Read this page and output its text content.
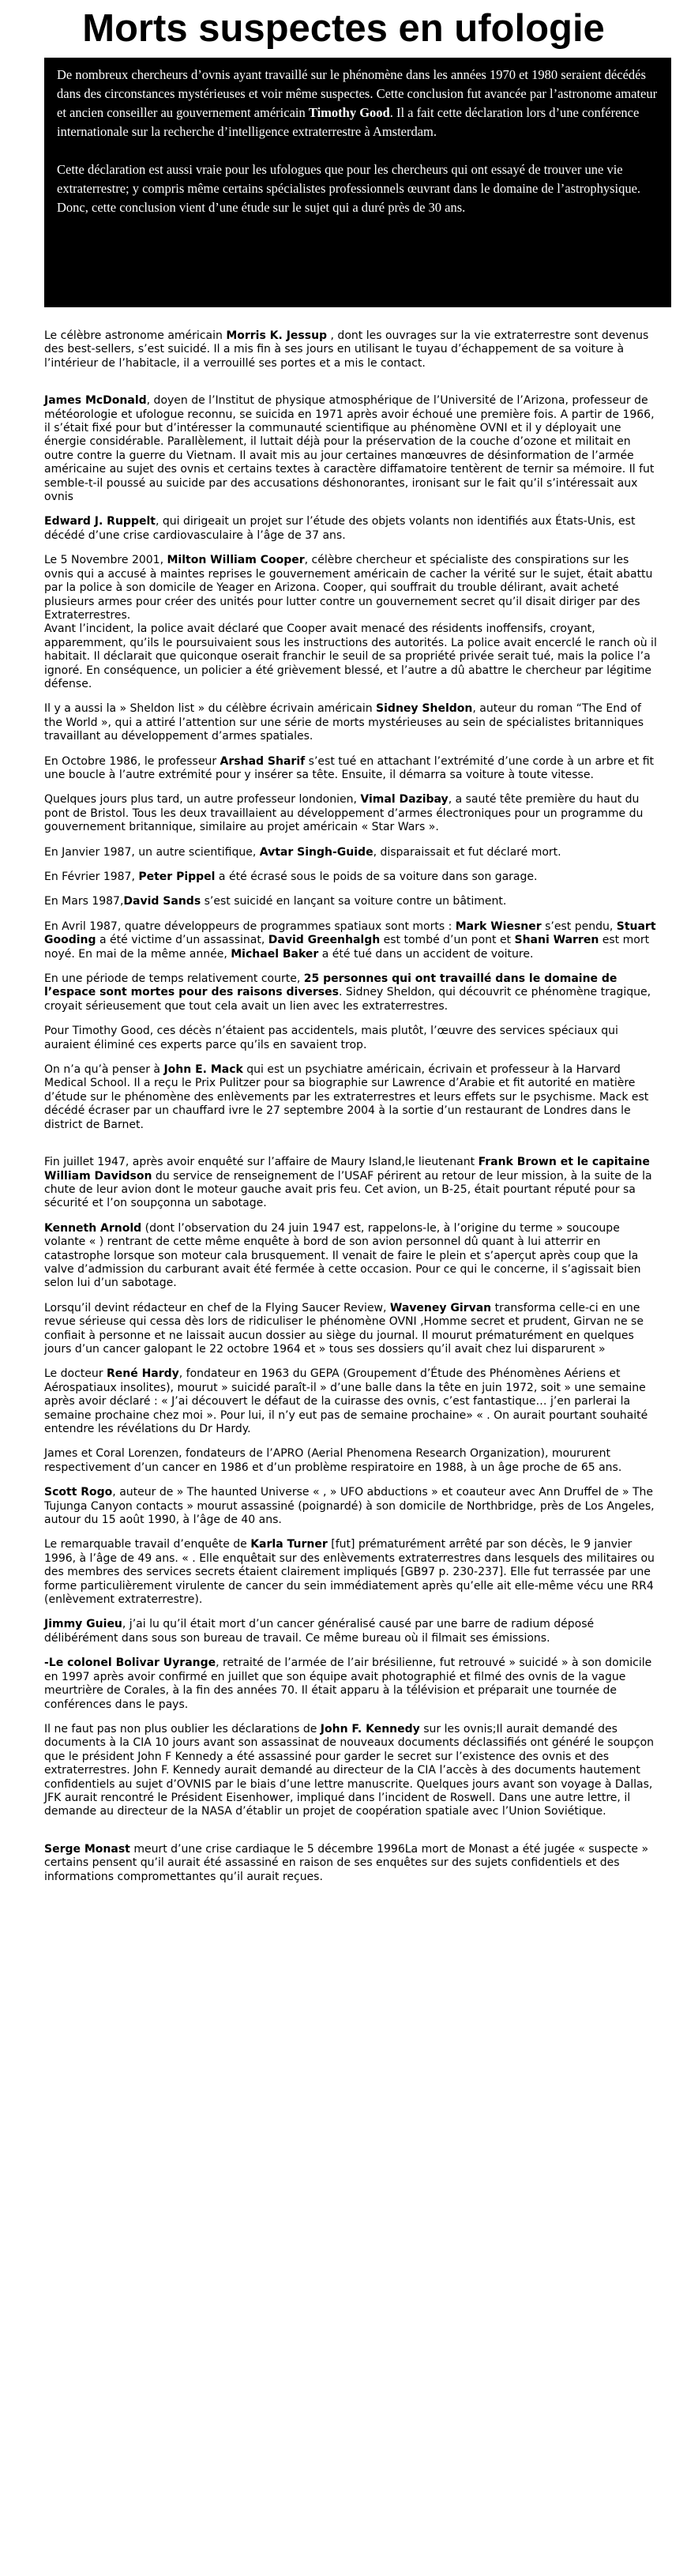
Morts suspectes en ufologie

De nombreux chercheurs d’ovnis ayant travaillé sur le phénomène dans les années 1970 et 1980 seraient décédés dans des circonstances mystérieuses et voir même suspectes. Cette conclusion fut avancée par l’astronome amateur et ancien conseiller au gouvernement américain Timothy Good. Il a fait cette déclaration lors d’une conférence internationale sur la recherche d’intelligence extraterrestre à Amsterdam.

Cette déclaration est aussi vraie pour les ufologues que pour les chercheurs qui ont essayé de trouver une vie extraterrestre; y compris même certains spécialistes professionnels œuvrant dans le domaine de l’astrophysique. Donc, cette conclusion vient d’une étude sur le sujet qui a duré près de 30 ans.

Le célèbre astronome américain Morris K. Jessup , dont les ouvrages sur la vie extraterrestre sont devenus des best-sellers, s’est suicidé. Il a mis fin à ses jours en utilisant le tuyau d’échappement de sa voiture à l’intérieur de l’habitacle, il a verrouillé ses portes et a mis le contact.

James McDonald, doyen de l’Institut de physique atmosphérique de l’Université de l’Arizona, professeur de météorologie et ufologue reconnu, se suicida en 1971 après avoir échoué une première fois. A partir de 1966, il s’était fixé pour but d’intéresser la communauté scientifique au phénomène OVNI et il y déployait une énergie considérable. Parallèlement, il luttait déjà pour la préservation de la couche d’ozone et militait en outre contre la guerre du Vietnam. Il avait mis au jour certaines manœuvres de désinformation de l’armée américaine au sujet des ovnis et certains textes à caractère diffamatoire tentèrent de ternir sa mémoire. Il fut semble-t-il poussé au suicide par des accusations déshonorantes, ironisant sur le fait qu’il s’intéressait aux ovnis

Edward J. Ruppelt, qui dirigeait un projet sur l’étude des objets volants non identifiés aux États-Unis, est décédé d’une crise cardiovasculaire à l’âge de 37 ans.

Le 5 Novembre 2001, Milton William Cooper, célèbre chercheur et spécialiste des conspirations sur les ovnis qui a accusé à maintes reprises le gouvernement américain de cacher la vérité sur le sujet, était abattu par la police à son domicile de Yeager en Arizona. Cooper, qui souffrait du trouble délirant, avait acheté plusieurs armes pour créer des unités pour lutter contre un gouvernement secret qu’il disait diriger par des Extraterrestres.

Avant l’incident, la police avait déclaré que Cooper avait menacé des résidents inoffensifs, croyant, apparemment, qu’ils le poursuivaient sous les instructions des autorités. La police avait encerclé le ranch où il habitait. Il déclarait que quiconque oserait franchir le seuil de sa propriété privée serait tué, mais la police l’a ignoré. En conséquence, un policier a été grièvement blessé, et l’autre a dû abattre le chercheur par légitime défense.

Il y a aussi la » Sheldon list » du célèbre écrivain américain Sidney Sheldon, auteur du roman “The End of the World », qui a attiré l’attention sur une série de morts mystérieuses au sein de spécialistes britanniques travaillant au développement d’armes spatiales.

En Octobre 1986, le professeur Arshad Sharif s’est tué en attachant l’extrémité d’une corde à un arbre et fit une boucle à l’autre extrémité pour y insérer sa tête. Ensuite, il démarra sa voiture à toute vitesse.

Quelques jours plus tard, un autre professeur londonien, Vimal Dazibay, a sauté tête première du haut du pont de Bristol. Tous les deux travaillaient au développement d’armes électroniques pour un programme du gouvernement britannique, similaire au projet américain « Star Wars ».

En Janvier 1987, un autre scientifique, Avtar Singh-Guide, disparaissait et fut déclaré mort.

En Février 1987, Peter Pippel a été écrasé sous le poids de sa voiture dans son garage.

En Mars 1987,David Sands s’est suicidé en lançant sa voiture contre un bâtiment.

En Avril 1987, quatre développeurs de programmes spatiaux sont morts : Mark Wiesner s’est pendu, Stuart Gooding a été victime d’un assassinat, David Greenhalgh est tombé d’un pont et Shani Warren est mort noyé. En mai de la même année, Michael Baker a été tué dans un accident de voiture.

En une période de temps relativement courte, 25 personnes qui ont travaillé dans le domaine de l’espace sont mortes pour des raisons diverses. Sidney Sheldon, qui découvrit ce phénomène tragique, croyait sérieusement que tout cela avait un lien avec les extraterrestres.

Pour Timothy Good, ces décès n’étaient pas accidentels, mais plutôt, l’œuvre des services spéciaux qui auraient éliminé ces experts parce qu’ils en savaient trop.

On n’a qu’à penser à John E. Mack qui est un psychiatre américain, écrivain et professeur à la Harvard Medical School. Il a reçu le Prix Pulitzer pour sa biographie sur Lawrence d’Arabie et fit autorité en matière d’étude sur le phénomène des enlèvements par les extraterrestres et leurs effets sur le psychisme. Mack est décédé écraser par un chauffard ivre le 27 septembre 2004 à la sortie d’un restaurant de Londres dans le district de Barnet.

Fin juillet 1947, après avoir enquêté sur l’affaire de Maury Island,le lieutenant Frank Brown et le capitaine William Davidson du service de renseignement de l’USAF périrent au retour de leur mission, à la suite de la chute de leur avion dont le moteur gauche avait pris feu. Cet avion, un B-25, était pourtant réputé pour sa sécurité et l’on soupçonna un sabotage.

Kenneth Arnold (dont l’observation du 24 juin 1947 est, rappelons-le, à l’origine du terme » soucoupe volante « ) rentrant de cette même enquête à bord de son avion personnel dû quant à lui atterrir en catastrophe lorsque son moteur cala brusquement. Il venait de faire le plein et s’aperçut après coup que la valve d’admission du carburant avait été fermée à cette occasion. Pour ce qui le concerne, il s’agissait bien selon lui d’un sabotage.

Lorsqu’il devint rédacteur en chef de la Flying Saucer Review, Waveney Girvan transforma celle-ci en une revue sérieuse qui cessa dès lors de ridiculiser le phénomène OVNI ,Homme secret et prudent, Girvan ne se confiait à personne et ne laissait aucun dossier au siège du journal. Il mourut prématurément en quelques jours d’un cancer galopant le 22 octobre 1964 et » tous ses dossiers qu’il avait chez lui disparurent »

Le docteur René Hardy, fondateur en 1963 du GEPA (Groupement d’Étude des Phénomènes Aériens et Aérospatiaux insolites), mourut » suicidé paraît-il » d’une balle dans la tête en juin 1972, soit » une semaine après avoir déclaré : « J’ai découvert le défaut de la cuirasse des ovnis, c’est fantastique… j’en parlerai la semaine prochaine chez moi ». Pour lui, il n’y eut pas de semaine prochaine» « . On aurait pourtant souhaité entendre les révélations du Dr Hardy.

James et Coral Lorenzen, fondateurs de l’APRO (Aerial Phenomena Research Organization), moururent respectivement d’un cancer en 1986 et d’un problème respiratoire en 1988, à un âge proche de 65 ans.

Scott Rogo, auteur de » The haunted Universe « , » UFO abductions » et coauteur avec Ann Druffel de » The Tujunga Canyon contacts » mourut assassiné (poignardé) à son domicile de Northbridge, près de Los Angeles, autour du 15 août 1990, à l’âge de 40 ans.

Le remarquable travail d’enquête de Karla Turner [fut] prématurément arrêté par son décès, le 9 janvier 1996, à l’âge de 49 ans. « . Elle enquêtait sur des enlèvements extraterrestres dans lesquels des militaires ou des membres des services secrets étaient clairement impliqués [GB97 p. 230-237]. Elle fut terrassée par une forme particulièrement virulente de cancer du sein immédiatement après qu’elle ait elle-même vécu une RR4 (enlèvement extraterrestre).

Jimmy Guieu, j’ai lu qu’il était mort d’un cancer généralisé causé par une barre de radium déposé délibérément dans sous son bureau de travail. Ce même bureau où il filmait ses émissions.

-Le colonel Bolivar Uyrange, retraité de l’armée de l’air brésilienne, fut retrouvé » suicidé » à son domicile en 1997 après avoir confirmé en juillet que son équipe avait photographié et filmé des ovnis de la vague meurtrière de Corales, à la fin des années 70. Il était apparu à la télévision et préparait une tournée de conférences dans le pays.

Il ne faut pas non plus oublier les déclarations de John F. Kennedy sur les ovnis;Il aurait demandé des documents à la CIA 10 jours avant son assassinat de nouveaux documents déclassifiés ont généré le soupçon que le président John F Kennedy a été assassiné pour garder le secret sur l’existence des ovnis et des extraterrestres. John F. Kennedy aurait demandé au directeur de la CIA l’accès à des documents hautement confidentiels au sujet d’OVNIS par le biais d’une lettre manuscrite. Quelques jours avant son voyage à Dallas, JFK aurait rencontré le Président Eisenhower, impliqué dans l’incident de Roswell. Dans une autre lettre, il demande au directeur de la NASA d’établir un projet de coopération spatiale avec l’Union Soviétique.

Serge Monast meurt d’une crise cardiaque le 5 décembre 1996La mort de Monast a été jugée « suspecte » certains pensent qu’il aurait été assassiné en raison de ses enquêtes sur des sujets confidentiels et des informations compromettantes qu’il aurait reçues.
